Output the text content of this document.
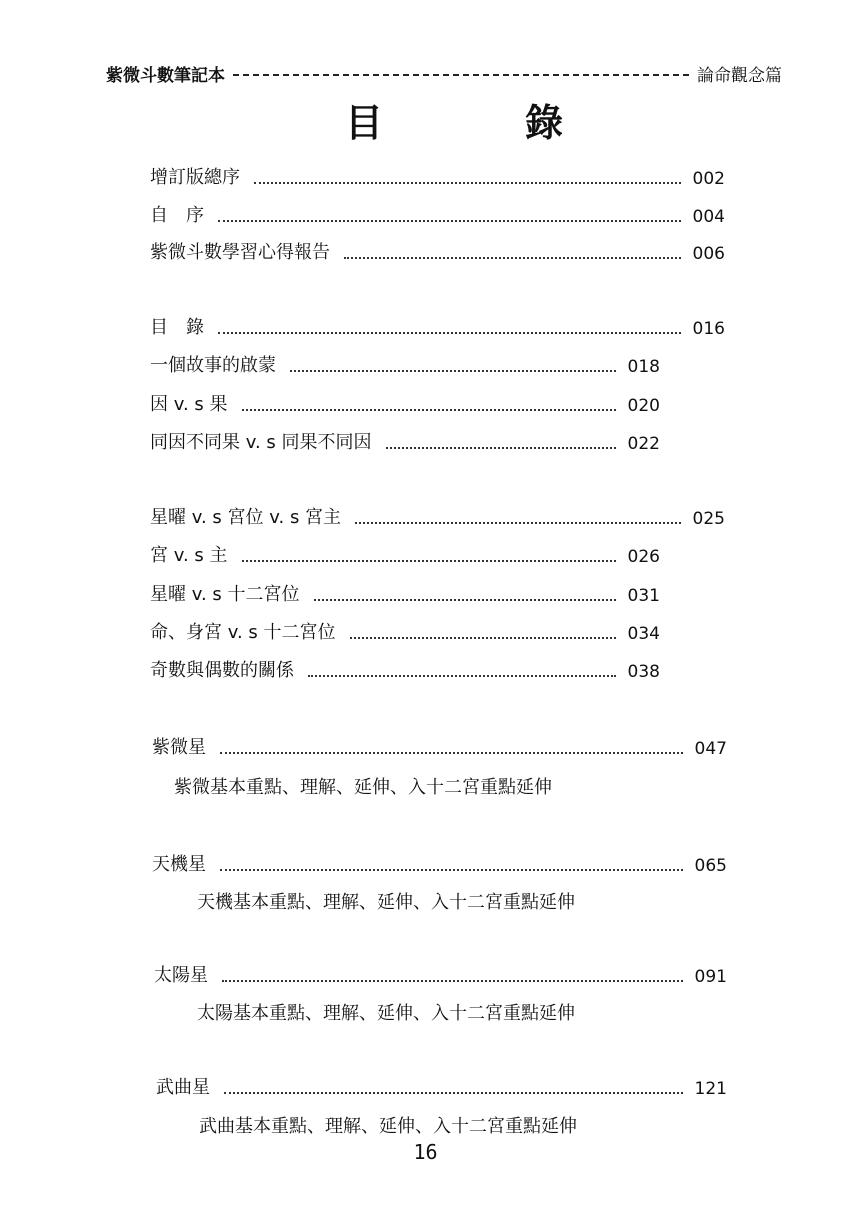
紫微斗數筆記本	論命觀念篇
目	錄
增訂版總序	002
自　序	004
紫微斗數學習心得報告	006
目　錄	016
一個故事的啟蒙	018
因 v. s 果	020
同因不同果 v. s 同果不同因	022
星曜 v. s 宮位 v. s 宮主	025
宮 v. s 主	026
星曜 v. s 十二宮位	031
命、身宮 v. s 十二宮位	034
奇數與偶數的關係	038
紫微星	047
紫微基本重點、理解、延伸、入十二宮重點延伸
天機星	065
天機基本重點、理解、延伸、入十二宮重點延伸
太陽星	091
太陽基本重點、理解、延伸、入十二宮重點延伸
武曲星	121
武曲基本重點、理解、延伸、入十二宮重點延伸
16
